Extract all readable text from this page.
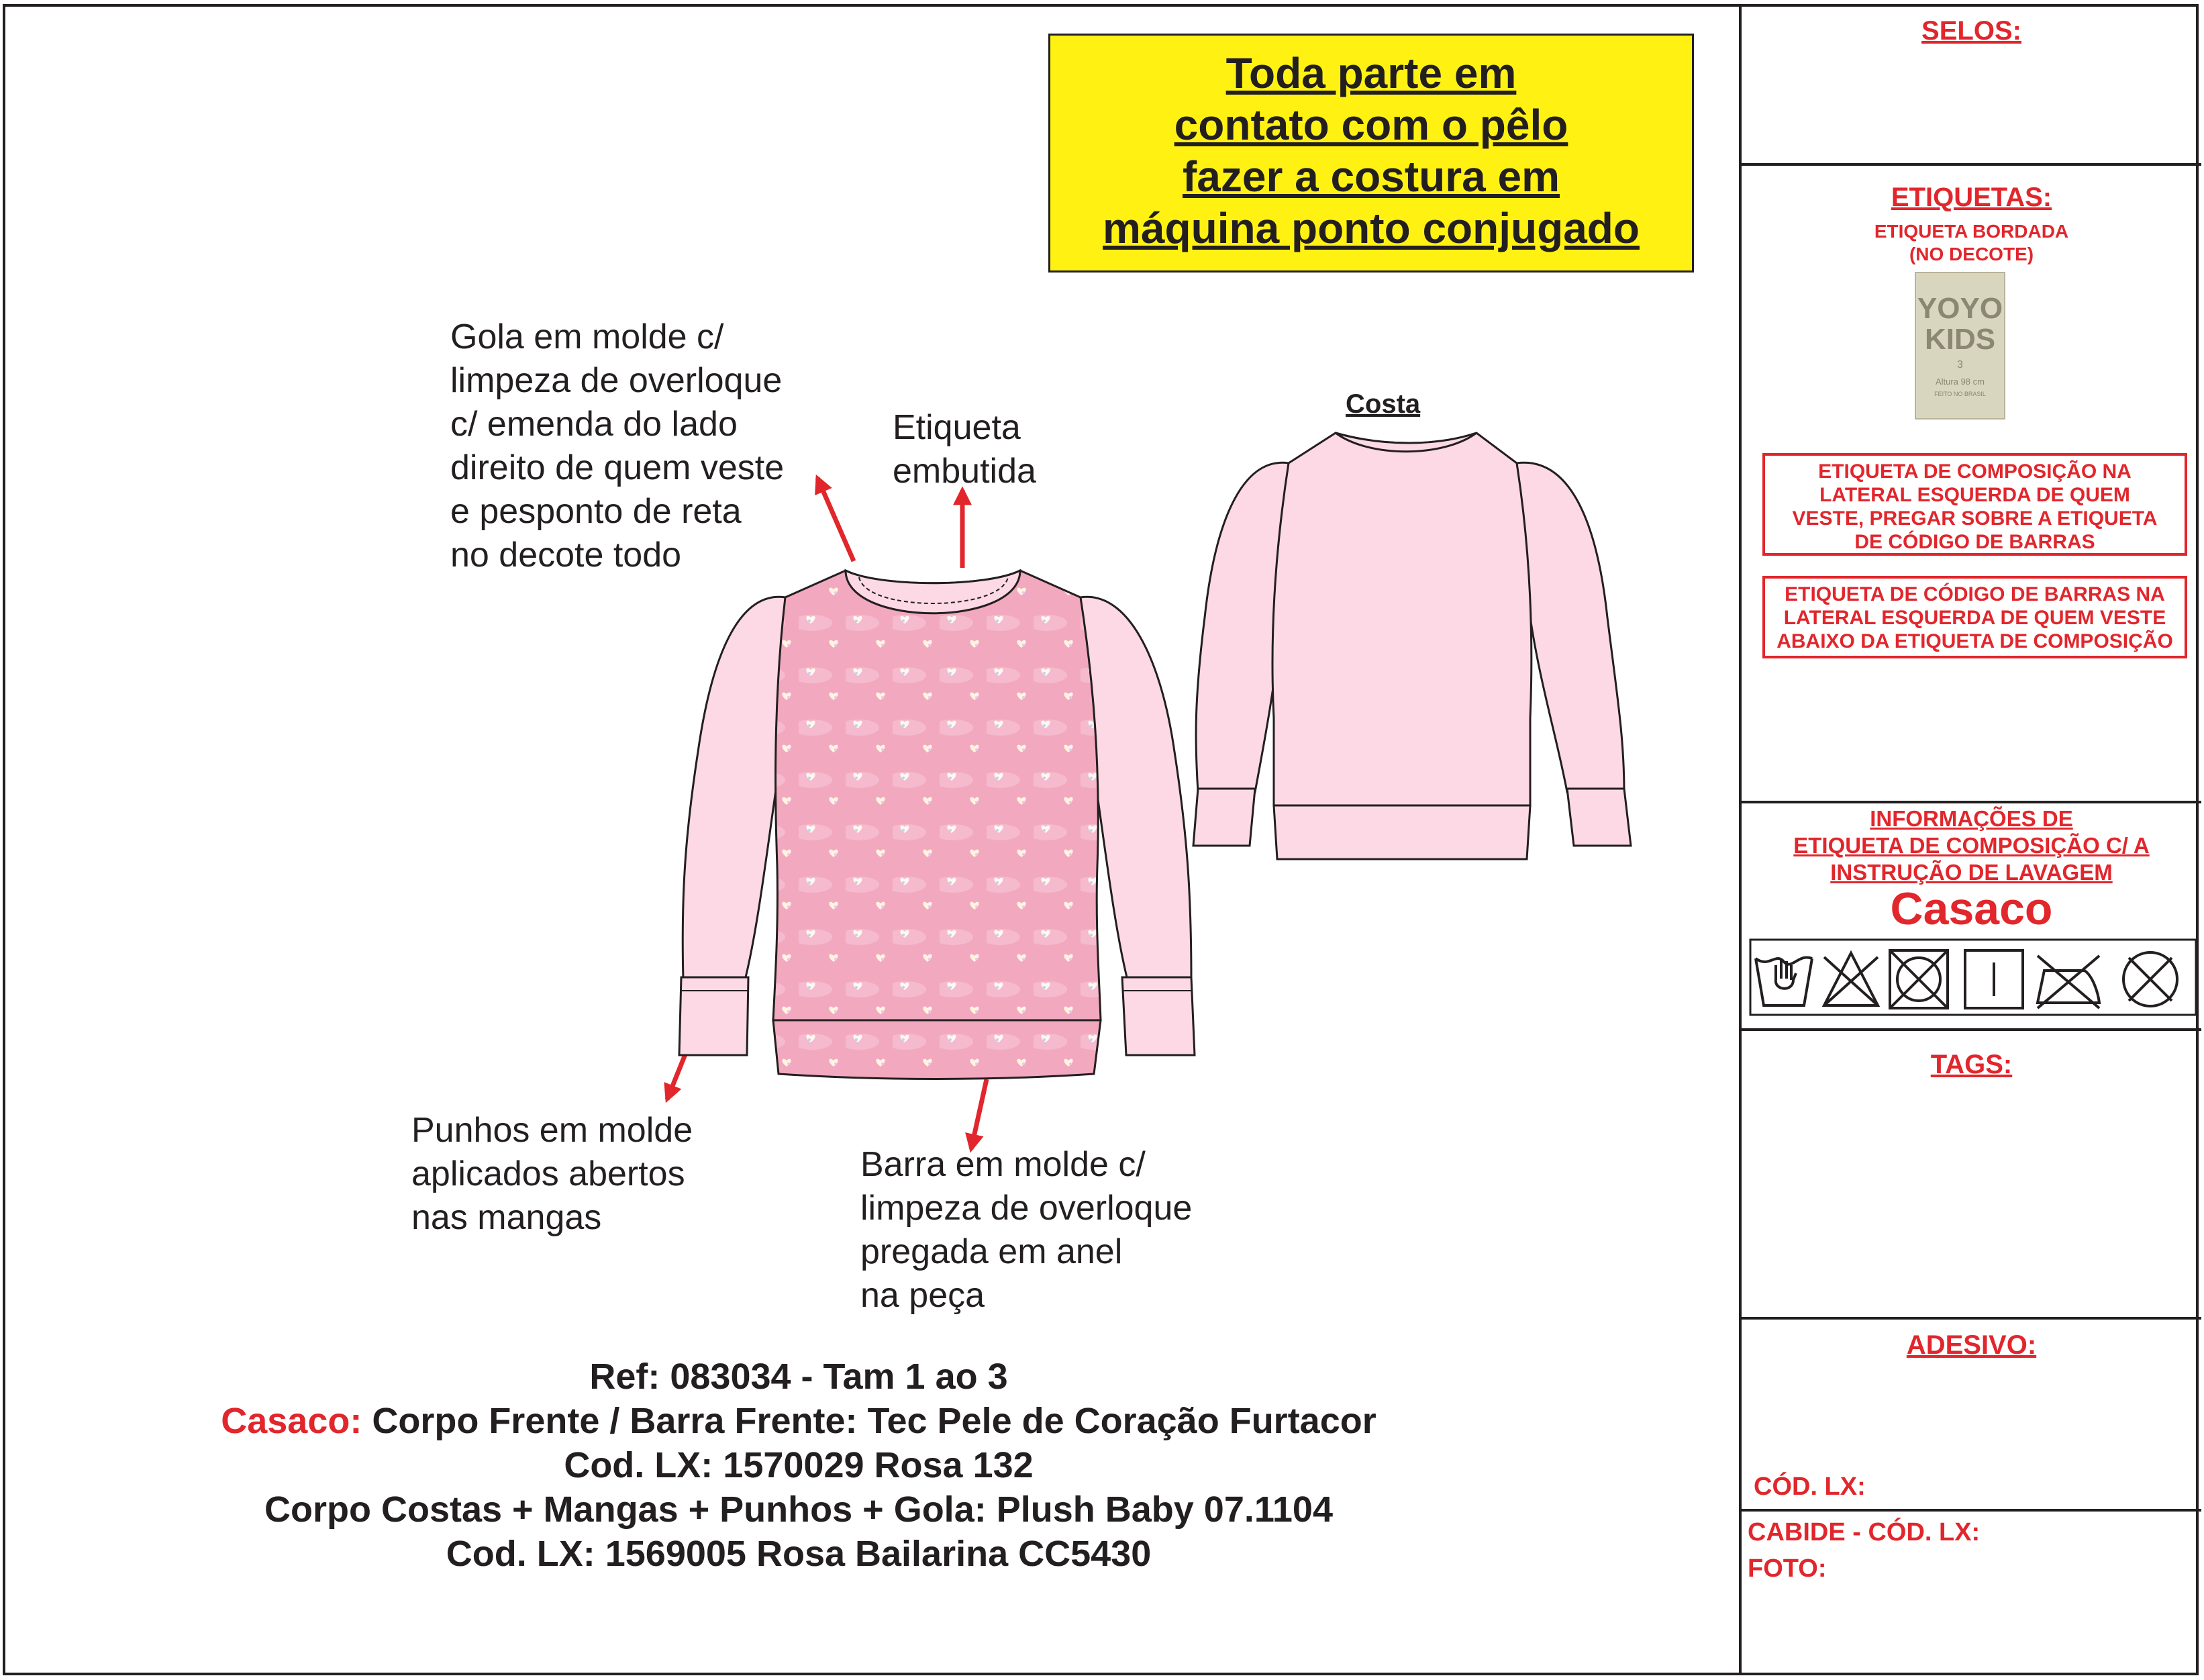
Toda parte em
contato com o pêlo
fazer a costura em
máquina ponto conjugado
Gola em molde c/
limpeza de overloque
c/ emenda do lado
direito de quem veste
e pesponto de reta
no decote todo
Etiqueta
embutida
Punhos em molde
aplicados abertos
nas mangas
Barra em molde c/
limpeza de overloque
pregada em anel
na peça
Costa
SELOS:
ETIQUETAS:
ETIQUETA BORDADA
(NO DECOTE)
YOYO
KIDS
3
Altura 98 cm
FEITO NO BRASIL
ETIQUETA DE COMPOSIÇÃO NA
LATERAL ESQUERDA DE QUEM
VESTE, PREGAR SOBRE A ETIQUETA
DE CÓDIGO DE BARRAS
ETIQUETA DE CÓDIGO DE BARRAS NA
LATERAL ESQUERDA DE QUEM VESTE
ABAIXO DA ETIQUETA DE COMPOSIÇÃO
INFORMAÇÕES DE
ETIQUETA DE COMPOSIÇÃO C/ A
INSTRUÇÃO DE LAVAGEM
Casaco
TAGS:
ADESIVO:
CÓD. LX:
CABIDE - CÓD. LX:
FOTO:
Ref: 083034 - Tam 1 ao 3
Casaco: Corpo Frente / Barra Frente: Tec Pele de Coração Furtacor
Cod. LX: 1570029 Rosa 132
Corpo Costas + Mangas + Punhos + Gola: Plush Baby 07.1104
Cod. LX: 1569005 Rosa Bailarina CC5430
